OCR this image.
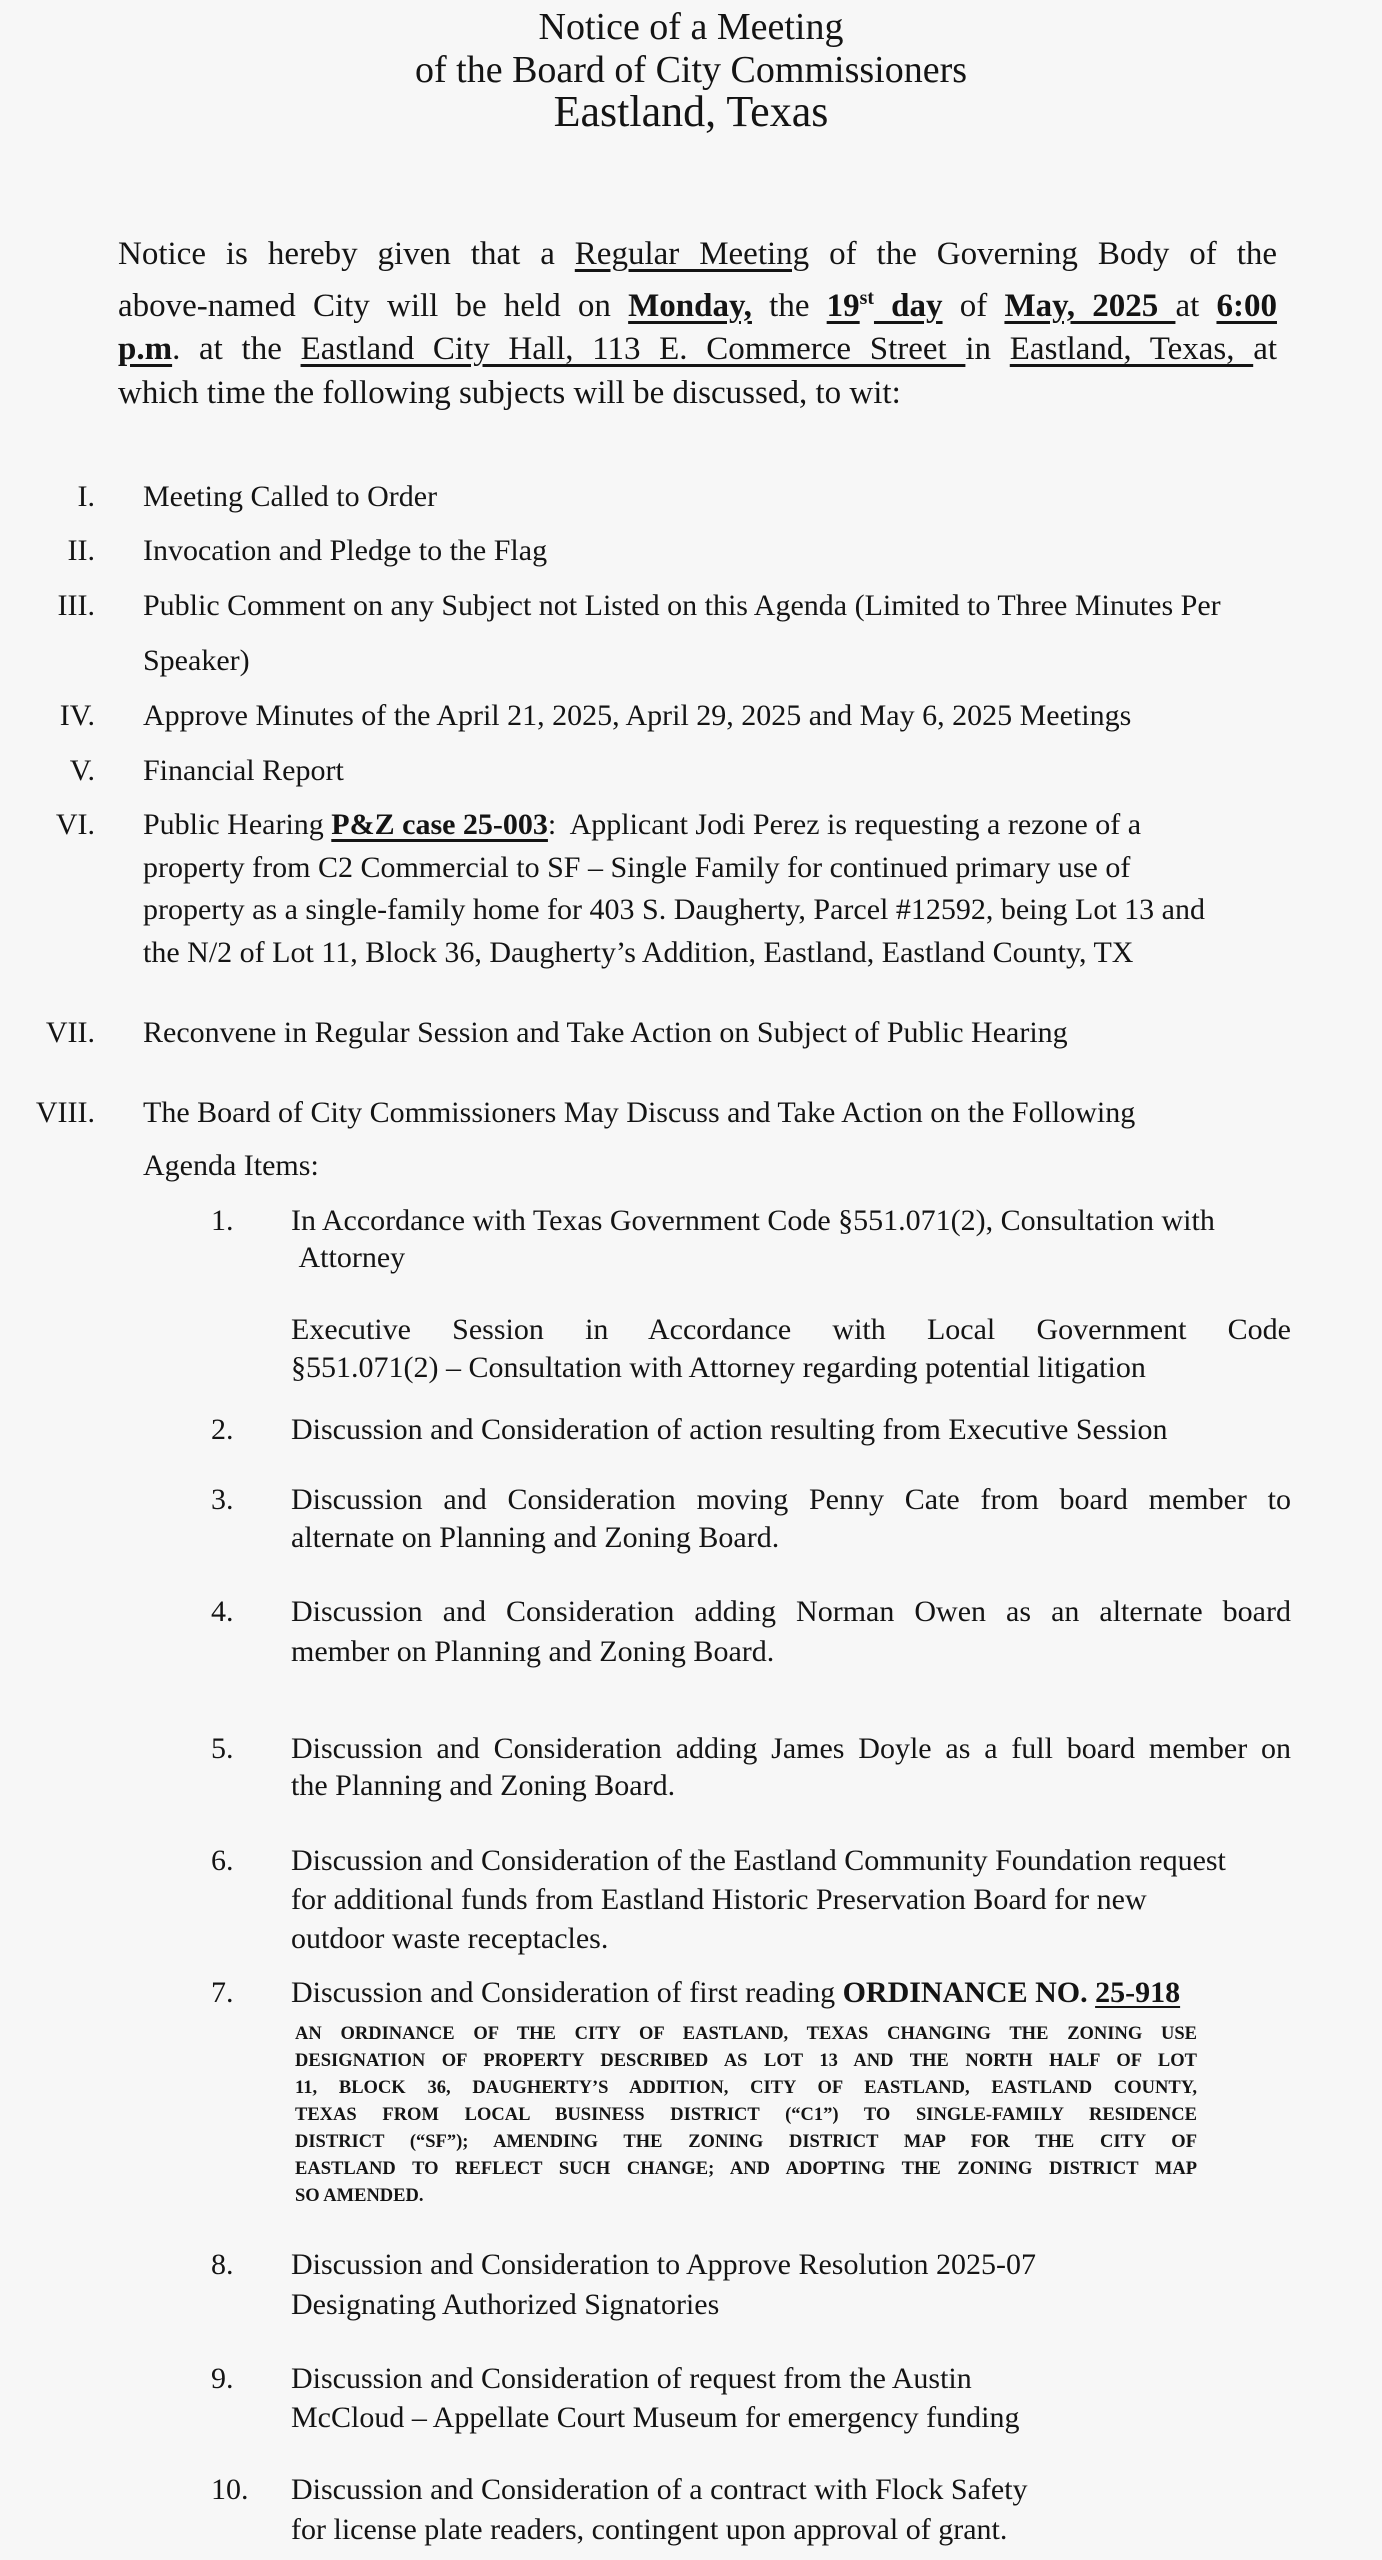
Notice of a Meeting
of the Board of City Commissioners
Eastland, Texas
Notice is hereby given that a Regular Meeting of the Governing Body of the
above-named City will be held on Monday, the 19st day of May, 2025 at 6:00
p.m. at the Eastland City Hall, 113 E. Commerce Street in Eastland, Texas, at
which time the following subjects will be discussed, to wit:
I. Meeting Called to Order
II. Invocation and Pledge to the Flag
III. Public Comment on any Subject not Listed on this Agenda (Limited to Three Minutes Per
Speaker)
IV. Approve Minutes of the April 21, 2025, April 29, 2025 and May 6, 2025 Meetings
V. Financial Report
VI. Public Hearing P&Z case 25-003:  Applicant Jodi Perez is requesting a rezone of a
property from C2 Commercial to SF – Single Family for continued primary use of
property as a single-family home for 403 S. Daugherty, Parcel #12592, being Lot 13 and
the N/2 of Lot 11, Block 36, Daugherty’s Addition, Eastland, Eastland County, TX
VII. Reconvene in Regular Session and Take Action on Subject of Public Hearing
VIII. The Board of City Commissioners May Discuss and Take Action on the Following
Agenda Items:
1. In Accordance with Texas Government Code §551.071(2), Consultation with
Attorney
Executive Session in Accordance with Local Government Code
§551.071(2) – Consultation with Attorney regarding potential litigation
2. Discussion and Consideration of action resulting from Executive Session
3. Discussion and Consideration moving Penny Cate from board member to
alternate on Planning and Zoning Board.
4. Discussion and Consideration adding Norman Owen as an alternate board
member on Planning and Zoning Board.
5. Discussion and Consideration adding James Doyle as a full board member on
the Planning and Zoning Board.
6. Discussion and Consideration of the Eastland Community Foundation request
for additional funds from Eastland Historic Preservation Board for new
outdoor waste receptacles.
7. Discussion and Consideration of first reading ORDINANCE NO. 25-918
AN ORDINANCE OF THE CITY OF EASTLAND, TEXAS CHANGING THE ZONING USE
DESIGNATION OF PROPERTY DESCRIBED AS LOT 13 AND THE NORTH HALF OF LOT
11, BLOCK 36, DAUGHERTY’S ADDITION, CITY OF EASTLAND, EASTLAND COUNTY,
TEXAS FROM LOCAL BUSINESS DISTRICT (“C1”) TO SINGLE-FAMILY RESIDENCE
DISTRICT (“SF”); AMENDING THE ZONING DISTRICT MAP FOR THE CITY OF
EASTLAND TO REFLECT SUCH CHANGE; AND ADOPTING THE ZONING DISTRICT MAP
SO AMENDED.
8. Discussion and Consideration to Approve Resolution 2025-07
Designating Authorized Signatories
9. Discussion and Consideration of request from the Austin
McCloud – Appellate Court Museum for emergency funding
10. Discussion and Consideration of a contract with Flock Safety
for license plate readers, contingent upon approval of grant.
